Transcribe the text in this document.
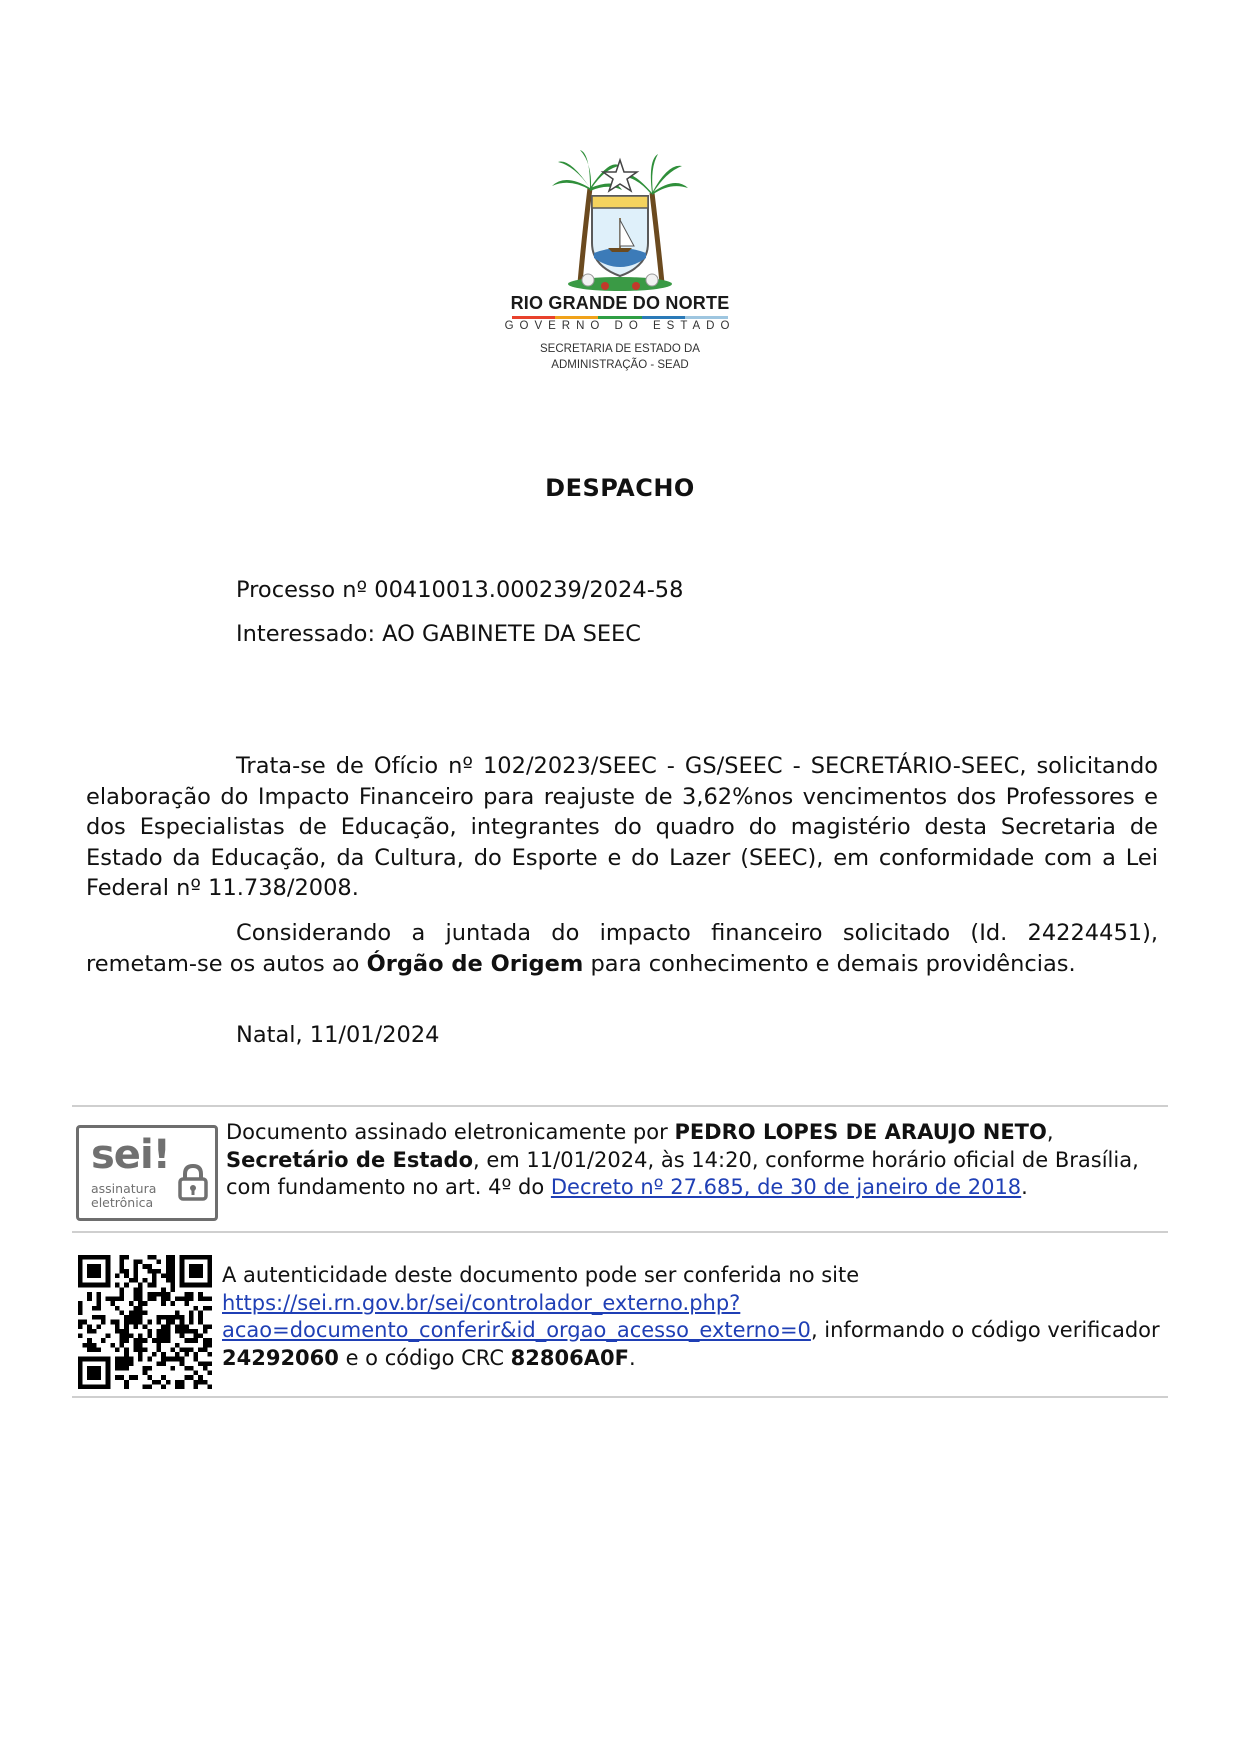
RIO GRANDE DO NORTE
GOVERNO DO ESTADO
SECRETARIA DE ESTADO DA
ADMINISTRAÇÃO - SEAD
DESPACHO
Processo nº 00410013.000239/2024-58
Interessado: AO GABINETE DA SEEC
Trata-se de Ofício nº 102/2023/SEEC - GS/SEEC - SECRETÁRIO-SEEC, solicitando elaboração do Impacto Financeiro para reajuste de 3,62%nos vencimentos dos Professores e dos Especialistas de Educação, integrantes do quadro do magistério desta Secretaria de Estado da Educação, da Cultura, do Esporte e do Lazer (SEEC), em conformidade com a Lei Federal nº 11.738/2008.
Considerando a juntada do impacto financeiro solicitado (Id. 24224451), remetam-se os autos ao Órgão de Origem para conhecimento e demais providências.
Natal, 11/01/2024
sei!
assinatura
eletrônica
Documento assinado eletronicamente por PEDRO LOPES DE ARAUJO NETO, Secretário de Estado, em 11/01/2024, às 14:20, conforme horário oficial de Brasília, com fundamento no art. 4º do Decreto nº 27.685, de 30 de janeiro de 2018.
A autenticidade deste documento pode ser conferida no site
https://sei.rn.gov.br/sei/controlador_externo.php?
acao=documento_conferir&id_orgao_acesso_externo=0, informando o código verificador 24292060 e o código CRC 82806A0F.
